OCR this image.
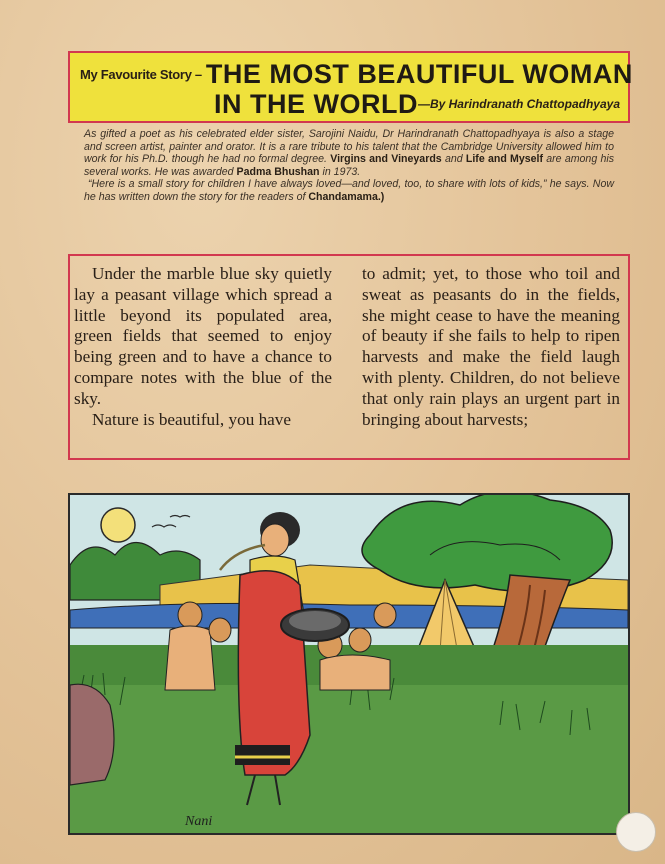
My Favourite Story – THE MOST BEAUTIFUL WOMAN
IN THE WORLD—By Harindranath Chattopadhyaya

As gifted a poet as his celebrated elder sister, Sarojini Naidu, Dr Harindranath Chattopadhyaya is also a stage and screen artist, painter and orator. It is a rare tribute to his talent that the Cambridge University allowed him to work for his Ph.D. though he had no formal degree. Virgins and Vineyards and Life and Myself are among his several works. He was awarded Padma Bhushan in 1973.

“Here is a small story for children I have always loved—and loved, too, to share with lots of kids,” he says. Now he has written down the story for the readers of Chandamama.)

Under the marble blue sky quietly lay a peasant village which spread a little beyond its populated area, green fields that seemed to enjoy being green and to have a chance to compare notes with the blue of the sky.

Nature is beautiful, you have

to admit; yet, to those who toil and sweat as peasants do in the fields, she might cease to have the meaning of beauty if she fails to help to ripen harvests and make the field laugh with plenty. Children, do not believe that only rain plays an urgent part in bringing about harvests;

Nani
